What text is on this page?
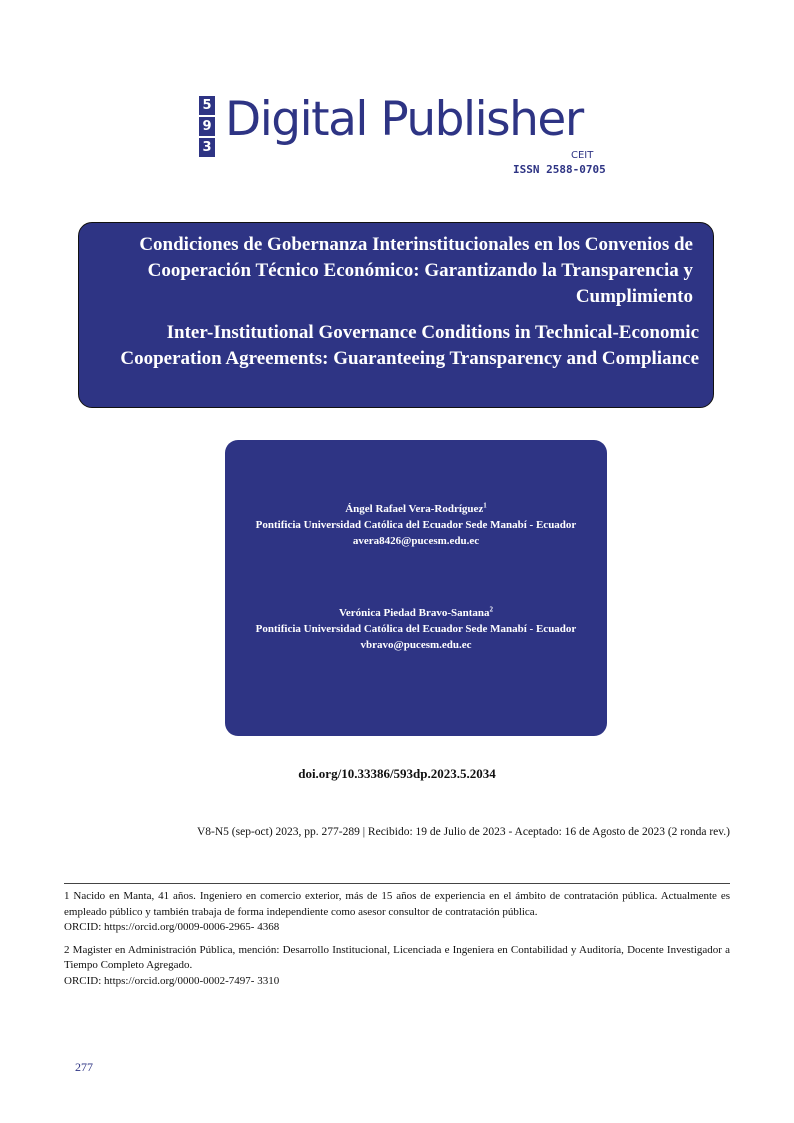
5
9
3
Digital Publisher
CEIT
ISSN 2588-0705
Condiciones de Gobernanza Interinstitucionales en los Convenios de Cooperación Técnico Económico: Garantizando la Transparencia y Cumplimiento
Inter-Institutional Governance Conditions in Technical-Economic Cooperation Agreements: Guaranteeing Transparency and Compliance
Ángel Rafael Vera-Rodríguez$^1$
Pontificia Universidad Católica del Ecuador Sede Manabí - Ecuador
avera8426@pucesm.edu.ec
Verónica Piedad Bravo-Santana$^2$
Pontificia Universidad Católica del Ecuador Sede Manabí - Ecuador
vbravo@pucesm.edu.ec
doi.org/10.33386/593dp.2023.5.2034
V8-N5 (sep-oct) 2023, pp. 277-289 | Recibido: 19 de Julio de 2023 - Aceptado: 16 de Agosto de 2023 (2 ronda rev.)

1 Nacido en Manta, 41 años. Ingeniero en comercio exterior, más de 15 años de experiencia en el ámbito de contratación pública. Actualmente es empleado público y también trabaja de forma independiente como asesor consultor de contratación pública.

ORCID: https://orcid.org/0009-0006-2965- 4368

2 Magister en Administración Pública, mención: Desarrollo Institucional, Licenciada e Ingeniera en Contabilidad y Auditoría, Docente Investigador a Tiempo Completo Agregado.

ORCID: https://orcid.org/0000-0002-7497- 3310

277
